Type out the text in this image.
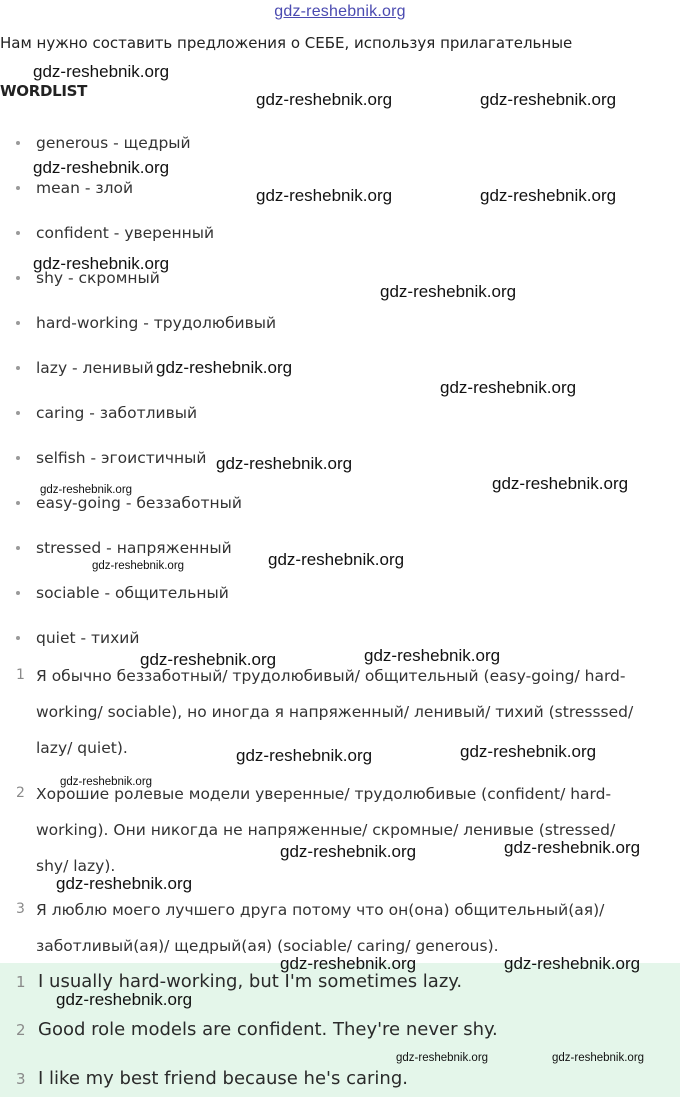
gdz-reshebnik.org
Нам нужно составить предложения о СЕБЕ, используя прилагательные
WORDLIST
generous - щедрый
mean - злой
confident - уверенный
shy - скромный
hard-working - трудолюбивый
lazy - ленивый
caring - заботливый
selfish - эгоистичный
easy-going - беззаботный
stressed - напряженный
sociable - общительный
quiet - тихий
1 Я обычно беззаботный/ трудолюбивый/ общительный (easy-going/ hard-
working/ sociable), но иногда я напряженный/ ленивый/ тихий (stresssed/
lazy/ quiet).
2 Хорошие ролевые модели уверенные/ трудолюбивые (confident/ hard-
working). Они никогда не напряженные/ скромные/ ленивые (stressed/
shy/ lazy).
3 Я люблю моего лучшего друга потому что он(она) общительный(ая)/
заботливый(ая)/ щедрый(ая) (sociable/ caring/ generous).
1 I usually hard-working, but I'm sometimes lazy.
2 Good role models are confident. They're never shy.
3 I like my best friend because he's caring.
gdz-reshebnik.org
gdz-reshebnik.org	gdz-reshebnik.org
gdz-reshebnik.org
gdz-reshebnik.org	gdz-reshebnik.org
gdz-reshebnik.org
gdz-reshebnik.org
gdz-reshebnik.org
gdz-reshebnik.org
gdz-reshebnik.org
gdz-reshebnik.org
gdz-reshebnik.org
gdz-reshebnik.org
gdz-reshebnik.org
gdz-reshebnik.org	gdz-reshebnik.org
gdz-reshebnik.org	gdz-reshebnik.org
gdz-reshebnik.org
gdz-reshebnik.org	gdz-reshebnik.org
gdz-reshebnik.org
gdz-reshebnik.org	gdz-reshebnik.org
gdz-reshebnik.org
gdz-reshebnik.org	gdz-reshebnik.org
